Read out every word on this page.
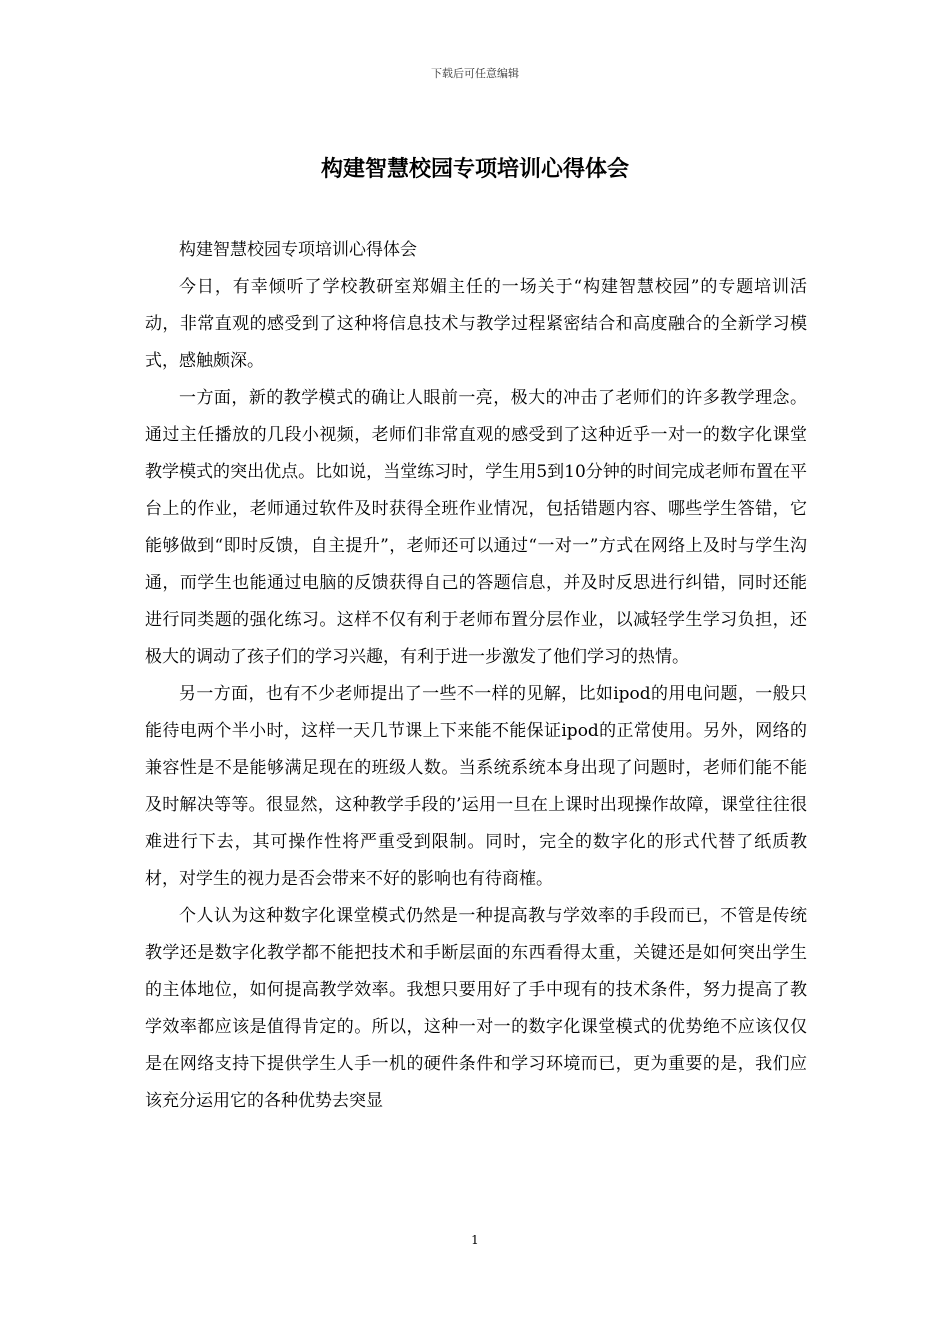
下载后可任意编辑
构建智慧校园专项培训心得体会

构建智慧校园专项培训心得体会

今日，有幸倾听了学校教研室郑媚主任的一场关于“构建智慧校园”的专题培训活动，非常直观的感受到了这种将信息技术与教学过程紧密结合和高度融合的全新学习模式，感触颇深。

一方面，新的教学模式的确让人眼前一亮，极大的冲击了老师们的许多教学理念。通过主任播放的几段小视频，老师们非常直观的感受到了这种近乎一对一的数字化课堂教学模式的突出优点。比如说，当堂练习时，学生用5到10分钟的时间完成老师布置在平台上的作业，老师通过软件及时获得全班作业情况，包括错题内容、哪些学生答错，它能够做到“即时反馈，自主提升”，老师还可以通过“一对一”方式在网络上及时与学生沟通，而学生也能通过电脑的反馈获得自己的答题信息，并及时反思进行纠错，同时还能进行同类题的强化练习。这样不仅有利于老师布置分层作业，以减轻学生学习负担，还极大的调动了孩子们的学习兴趣，有利于进一步激发了他们学习的热情。

另一方面，也有不少老师提出了一些不一样的见解，比如ipod的用电问题，一般只能待电两个半小时，这样一天几节课上下来能不能保证ipod的正常使用。另外，网络的兼容性是不是能够满足现在的班级人数。当系统系统本身出现了问题时，老师们能不能及时解决等等。很显然，这种教学手段的’运用一旦在上课时出现操作故障，课堂往往很难进行下去，其可操作性将严重受到限制。同时，完全的数字化的形式代替了纸质教材，对学生的视力是否会带来不好的影响也有待商榷。

个人认为这种数字化课堂模式仍然是一种提高教与学效率的手段而已，不管是传统教学还是数字化教学都不能把技术和手断层面的东西看得太重，关键还是如何突出学生的主体地位，如何提高教学效率。我想只要用好了手中现有的技术条件，努力提高了教学效率都应该是值得肯定的。所以，这种一对一的数字化课堂模式的优势绝不应该仅仅是在网络支持下提供学生人手一机的硬件条件和学习环境而已，更为重要的是，我们应该充分运用它的各种优势去突显

1
